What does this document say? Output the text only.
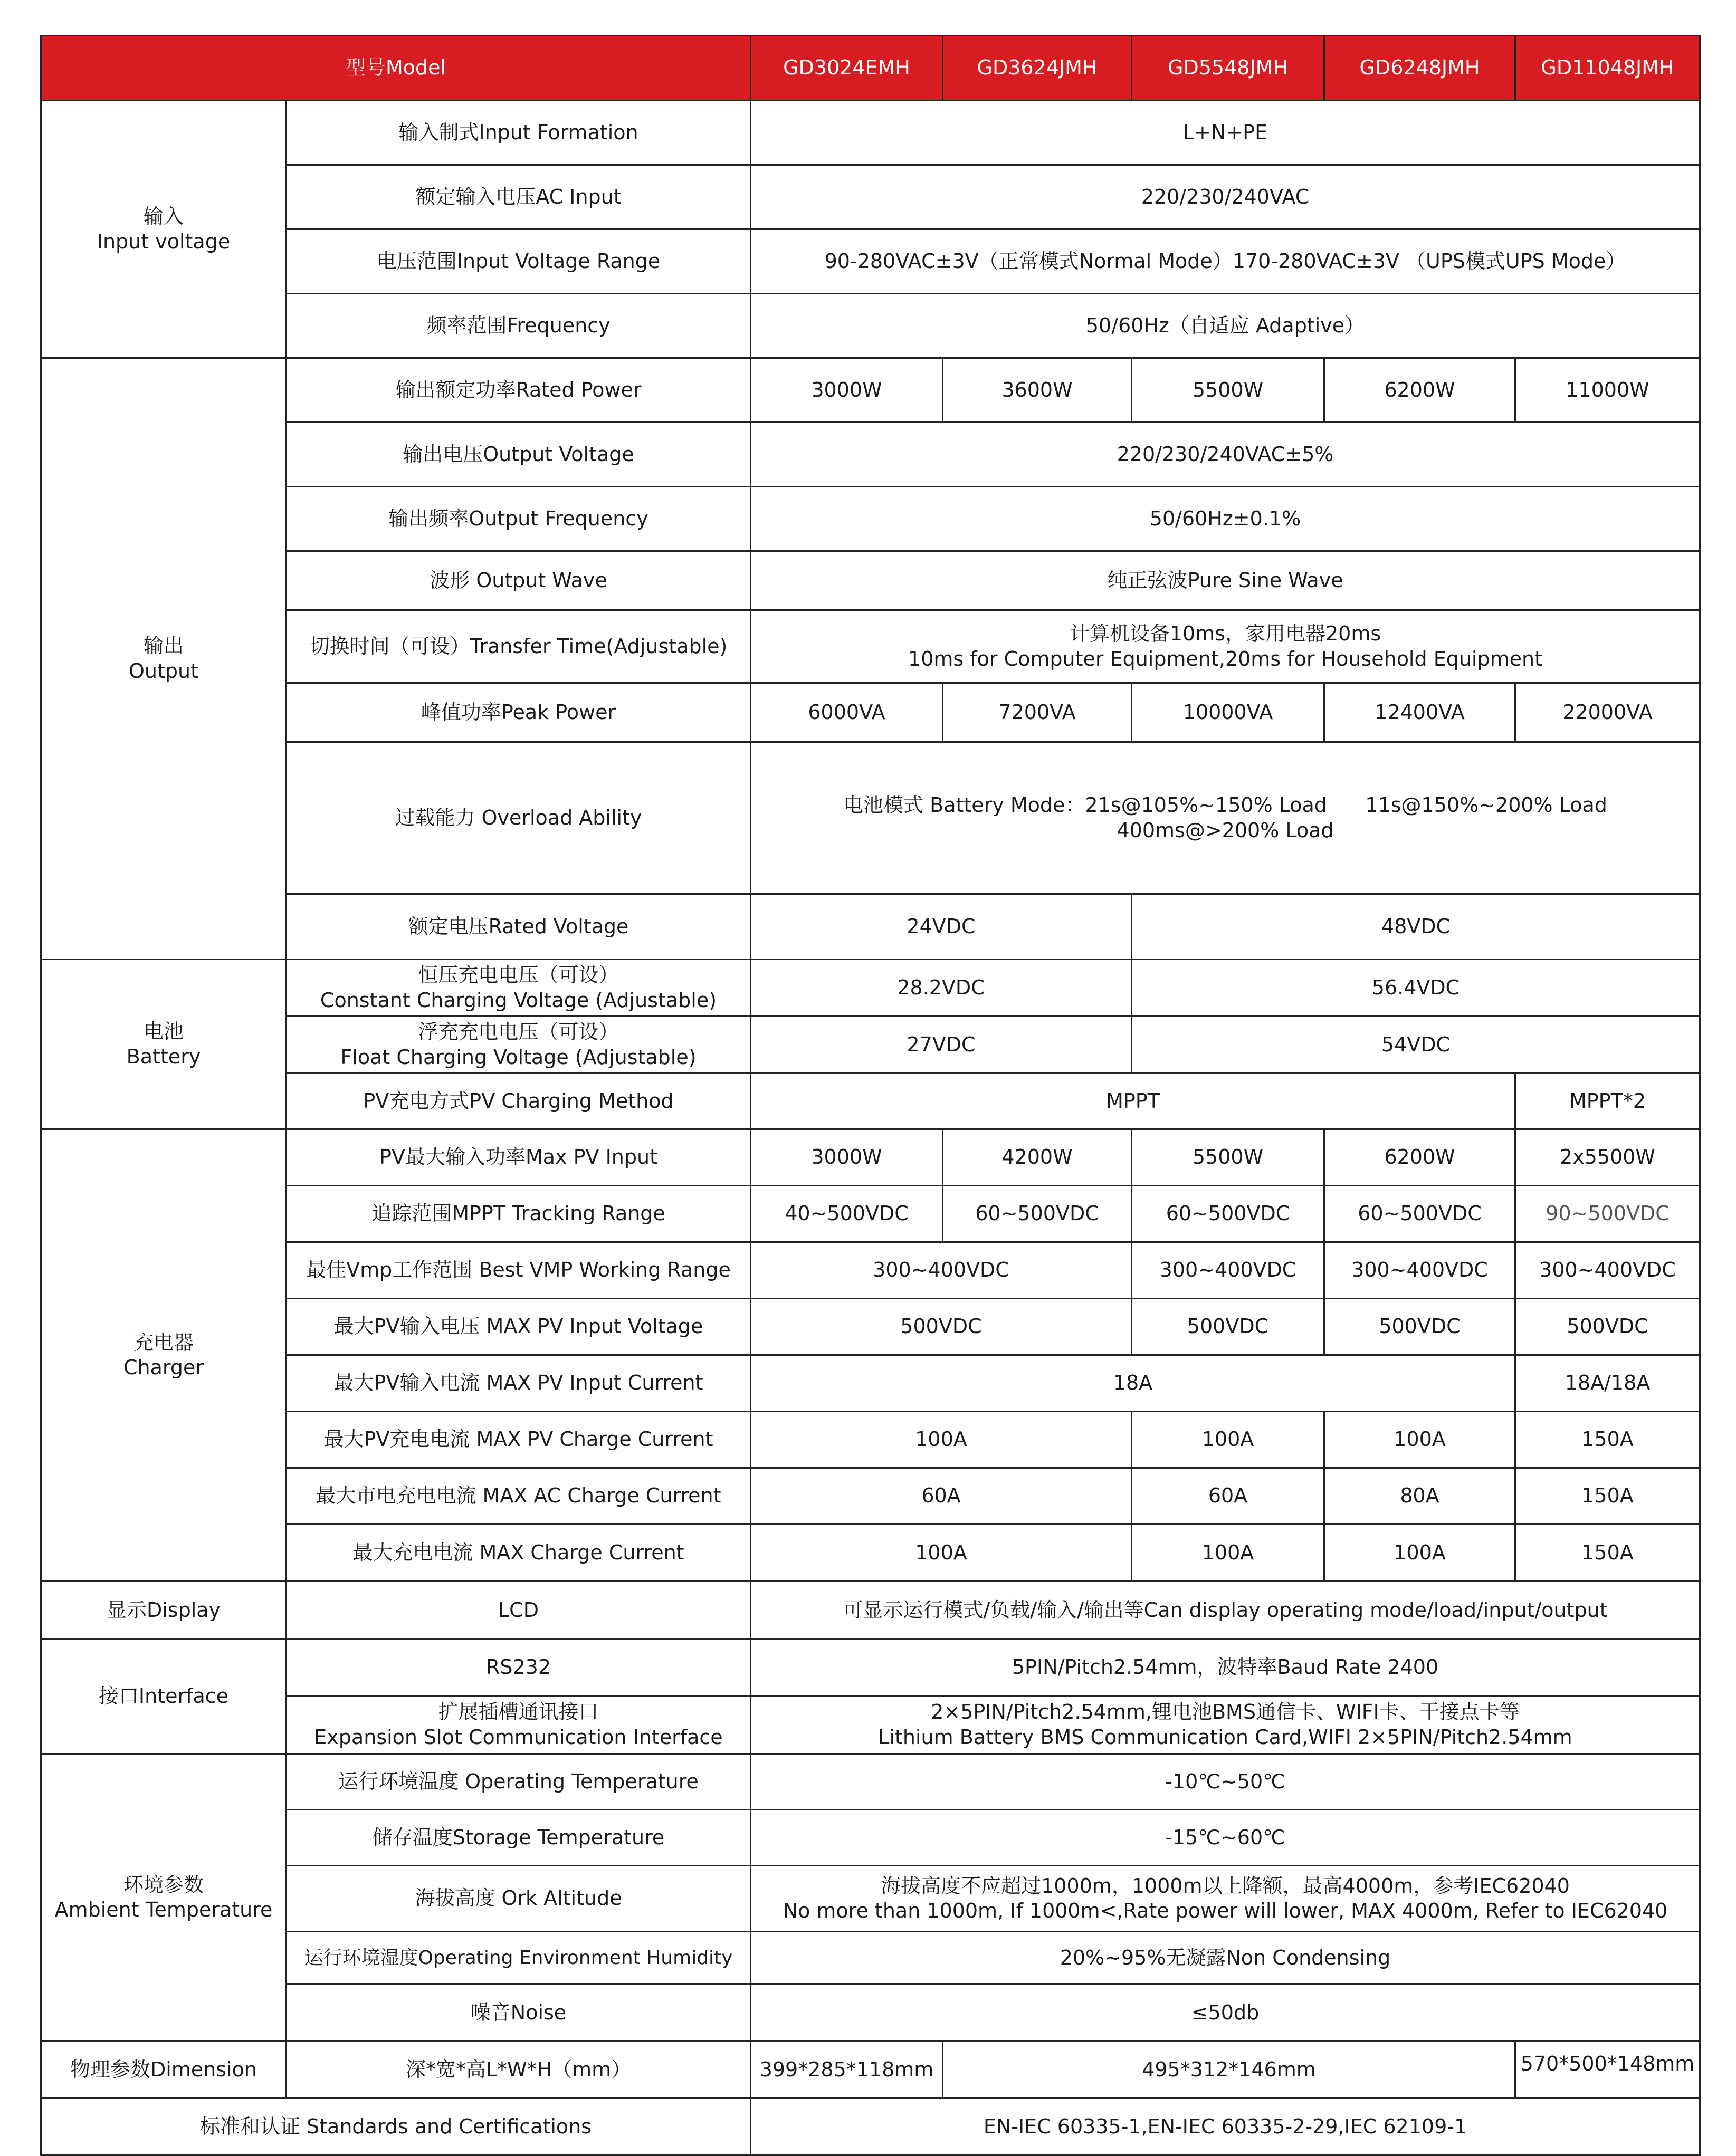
型号Model		GD3024EMH	GD3624JMH	GD5548JMH	GD6248JMH	GD11048JMH

输入
Input voltage	输入制式Input Formation	L+N+PE				
	额定输入电压AC Input	220/230/240VAC				
	电压范围Input Voltage Range	90-280VAC±3V（正常模式Normal Mode）170-280VAC±3V （UPS模式UPS Mode）				
	频率范围Frequency	50/60Hz（自适应 Adaptive）				

输出
Output	输出额定功率Rated Power	3000W	3600W	5500W	6200W	11000W
	输出电压Output Voltage	220/230/240VAC±5%				
	输出频率Output Frequency	50/60Hz±0.1%				
	波形 Output Wave	纯正弦波Pure Sine Wave				
	切换时间（可设）Transfer Time(Adjustable)	计算机设备10ms，家用电器20ms
10ms for Computer Equipment,20ms for Household Equipment				

	峰值功率Peak Power	6000VA	7200VA	10000VA	12400VA	22000VA
	过载能力 Overload Ability	电池模式 Battery Mode：21s@105%~150% Load      11s@150%~200% Load
400ms@>200% Load				

	额定电压Rated Voltage	24VDC		48VDC		

电池
Battery	恒压充电电压（可设）
Constant Charging Voltage (Adjustable)	28.2VDC		56.4VDC		

	浮充充电电压（可设）
Float Charging Voltage (Adjustable)	27VDC		54VDC		
	PV充电方式PV Charging Method	MPPT				MPPT*2

充电器
Charger	PV最大输入功率Max PV Input	3000W	4200W	5500W	6200W	2x5500W
	追踪范围MPPT Tracking Range	40~500VDC	60~500VDC	60~500VDC	60~500VDC	90~500VDC
	最佳Vmp工作范围 Best VMP Working Range	300~400VDC		300~400VDC	300~400VDC	300~400VDC
	最大PV输入电压 MAX PV Input Voltage	500VDC		500VDC	500VDC	500VDC
	最大PV输入电流 MAX PV Input Current	18A				18A/18A
	最大PV充电电流 MAX PV Charge Current	100A		100A	100A	150A
	最大市电充电电流 MAX AC Charge Current	60A		60A	80A	150A
	最大充电电流 MAX Charge Current	100A		100A	100A	150A
显示Display	LCD	可显示运行模式/负载/输入/输出等Can display operating mode/load/input/output				
接口Interface	RS232	5PIN/Pitch2.54mm，波特率Baud Rate 2400				

	扩展插槽通讯接口
Expansion Slot Communication Interface	2×5PIN/Pitch2.54mm,锂电池BMS通信卡、WIFI卡、干接点卡等
Lithium Battery BMS Communication Card,WIFI 2×5PIN/Pitch2.54mm				

环境参数
Ambient Temperature	运行环境温度 Operating Temperature	-10℃~50℃				
	储存温度Storage Temperature	-15℃~60℃				
	海拔高度 Ork Altitude	海拔高度不应超过1000m，1000m以上降额，最高4000m，参考IEC62040
No more than 1000m, If 1000m<,Rate power will lower, MAX 4000m, Refer to IEC62040				

	运行环境湿度Operating Environment Humidity	20%~95%无凝露Non Condensing				
	噪音Noise	≤50db				
物理参数Dimension	深*宽*高L*W*H（mm）	399*285*118mm	495*312*146mm			570*500*148mm
标准和认证 Standards and Certifications		EN-IEC 60335-1,EN-IEC 60335-2-29,IEC 62109-1				
